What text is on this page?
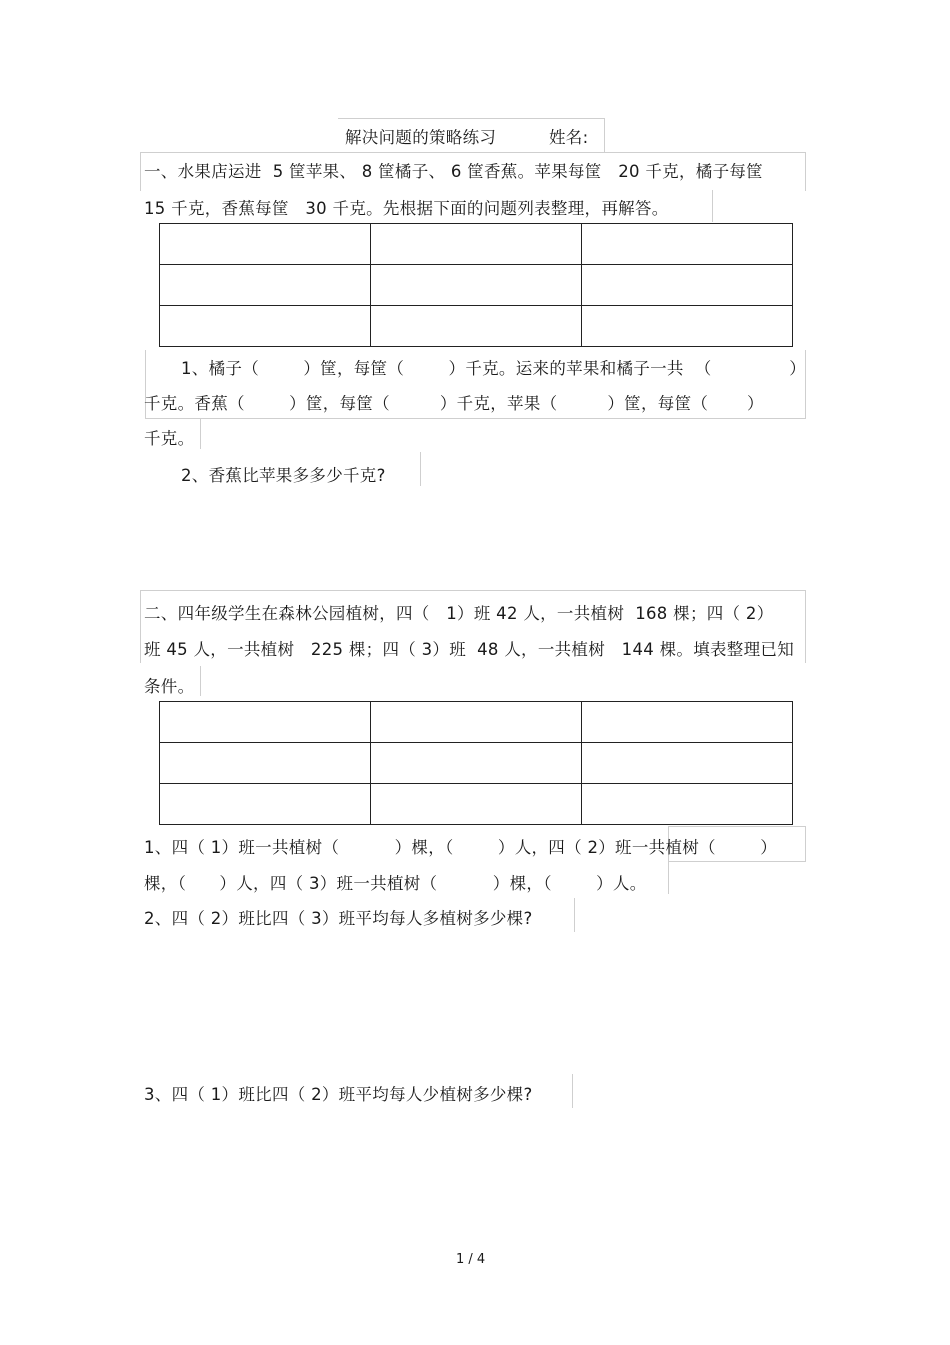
解决问题的策略练习	姓名:
一、水果店运进  5 筐苹果、 8 筐橘子、 6 筐香蕉。苹果每筐   20 千克，橘子每筐
15 千克，香蕉每筐   30 千克。先根据下面的问题列表整理，再解答。

1、橘子（        ）筐，每筐（        ）千克。运来的苹果和橘子一共  （              ）
千克。香蕉（        ）筐，每筐（         ）千克，苹果（         ）筐，每筐（       ）
千克。
2、香蕉比苹果多多少千克?
二、四年级学生在森林公园植树，四（   1）班 42 人，一共植树  168 棵；四（ 2）
班 45 人，一共植树   225 棵；四（ 3）班  48 人，一共植树   144 棵。填表整理已知
条件。

1、四（ 1）班一共植树（          ）棵，（        ）人，四（ 2）班一共植树（        ）
棵，（      ）人，四（ 3）班一共植树（          ）棵，（        ）人。
2、四（ 2）班比四（ 3）班平均每人多植树多少棵?
3、四（ 1）班比四（ 2）班平均每人少植树多少棵?
1 / 4
